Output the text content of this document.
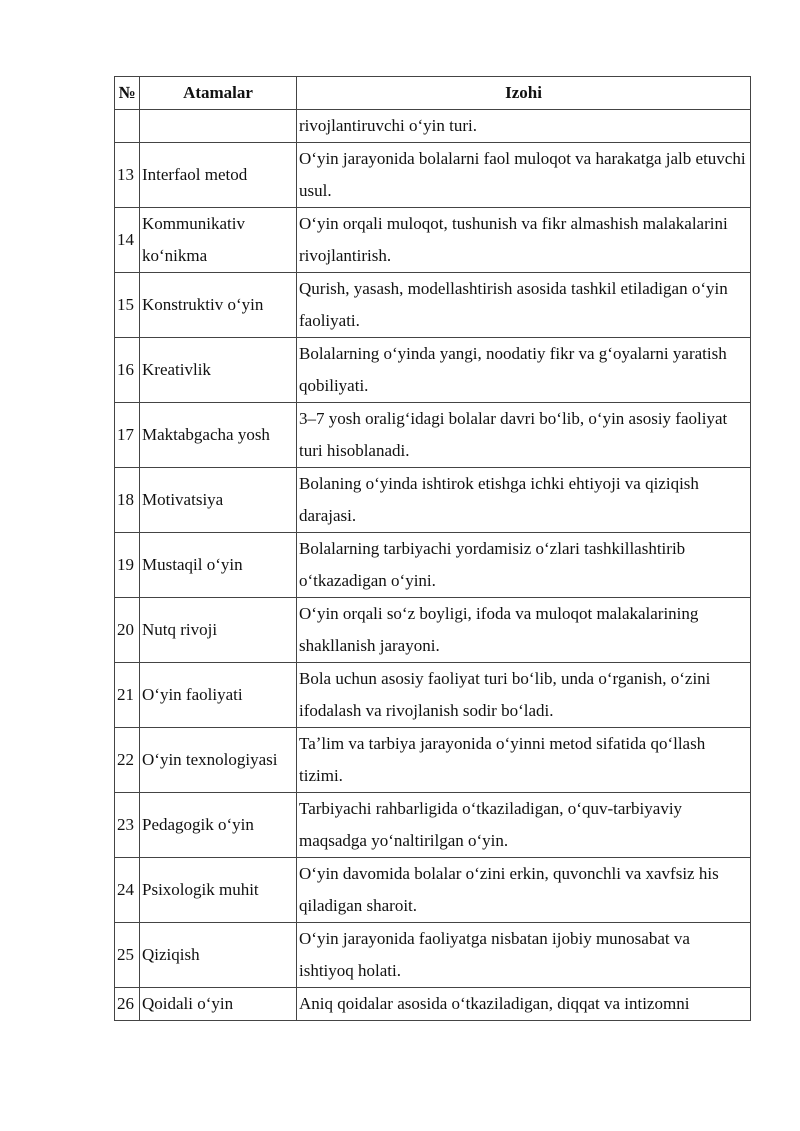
№	Atamalar	Izohi
		rivojlantiruvchi oʻyin turi.
13	Interfaol metod	Oʻyin jarayonida bolalarni faol muloqot va harakatga jalb etuvchi usul.
14	Kommunikativ koʻnikma	Oʻyin orqali muloqot, tushunish va fikr almashish malakalarini rivojlantirish.
15	Konstruktiv oʻyin	Qurish, yasash, modellashtirish asosida tashkil etiladigan oʻyin faoliyati.
16	Kreativlik	Bolalarning oʻyinda yangi, noodatiy fikr va gʻoyalarni yaratish qobiliyati.
17	Maktabgacha yosh	3–7 yosh oraligʻidagi bolalar davri boʻlib, oʻyin asosiy faoliyat turi hisoblanadi.
18	Motivatsiya	Bolaning oʻyinda ishtirok etishga ichki ehtiyoji va qiziqish darajasi.
19	Mustaqil oʻyin	Bolalarning tarbiyachi yordamisiz oʻzlari tashkillashtirib oʻtkazadigan oʻyini.
20	Nutq rivoji	Oʻyin orqali soʻz boyligi, ifoda va muloqot malakalarining shakllanish jarayoni.
21	Oʻyin faoliyati	Bola uchun asosiy faoliyat turi boʻlib, unda oʻrganish, oʻzini ifodalash va rivojlanish sodir boʻladi.
22	Oʻyin texnologiyasi	Taʼlim va tarbiya jarayonida oʻyinni metod sifatida qoʻllash tizimi.
23	Pedagogik oʻyin	Tarbiyachi rahbarligida oʻtkaziladigan, oʻquv-tarbiyaviy maqsadga yoʻnaltirilgan oʻyin.
24	Psixologik muhit	Oʻyin davomida bolalar oʻzini erkin, quvonchli va xavfsiz his qiladigan sharoit.
25	Qiziqish	Oʻyin jarayonida faoliyatga nisbatan ijobiy munosabat va ishtiyoq holati.
26	Qoidali oʻyin	Aniq qoidalar asosida oʻtkaziladigan, diqqat va intizomni
